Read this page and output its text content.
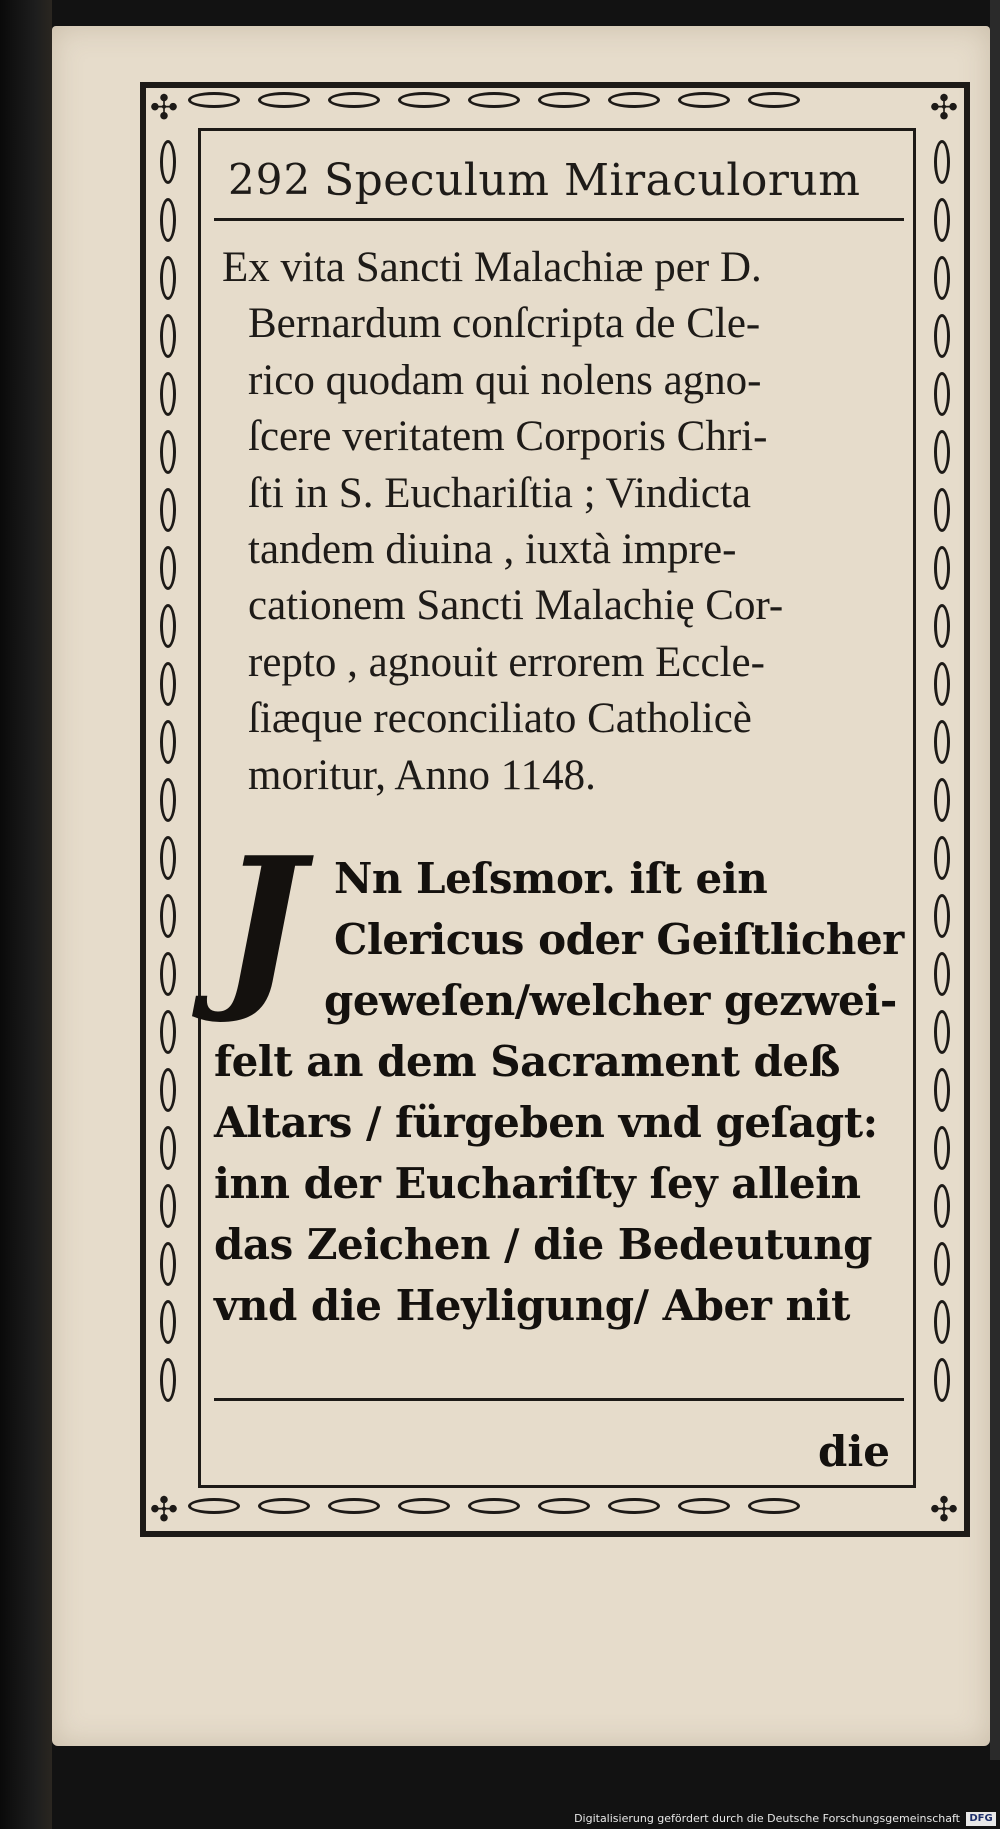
✣	✣
✣	✣
292 Speculum Miraculorum

Ex vita Sancti Malachiæ per D.
Bernardum conſcripta de Cle-
rico quodam qui nolens agno-
ſcere veritatem Corporis Chri-
ſti in S. Euchariſtia ; Vindicta
tandem diuina , iuxtà impre-
cationem Sancti Malachię Cor-
repto , agnouit errorem Eccle-
ſiæque reconciliato Catholicè
moritur, Anno 1148.

J Nn Leſsmor. iſt ein
Clericus oder Geiſtlicher
geweſen/welcher gezwei-
felt an dem Sacrament deß
Altars / fürgeben vnd geſagt:
inn der Euchariſty ſey allein
das Zeichen / die Bedeutung
vnd die Heyligung/ Aber nit

die
Digitalisierung gefördert durch die Deutsche Forschungsgemeinschaft DFG
